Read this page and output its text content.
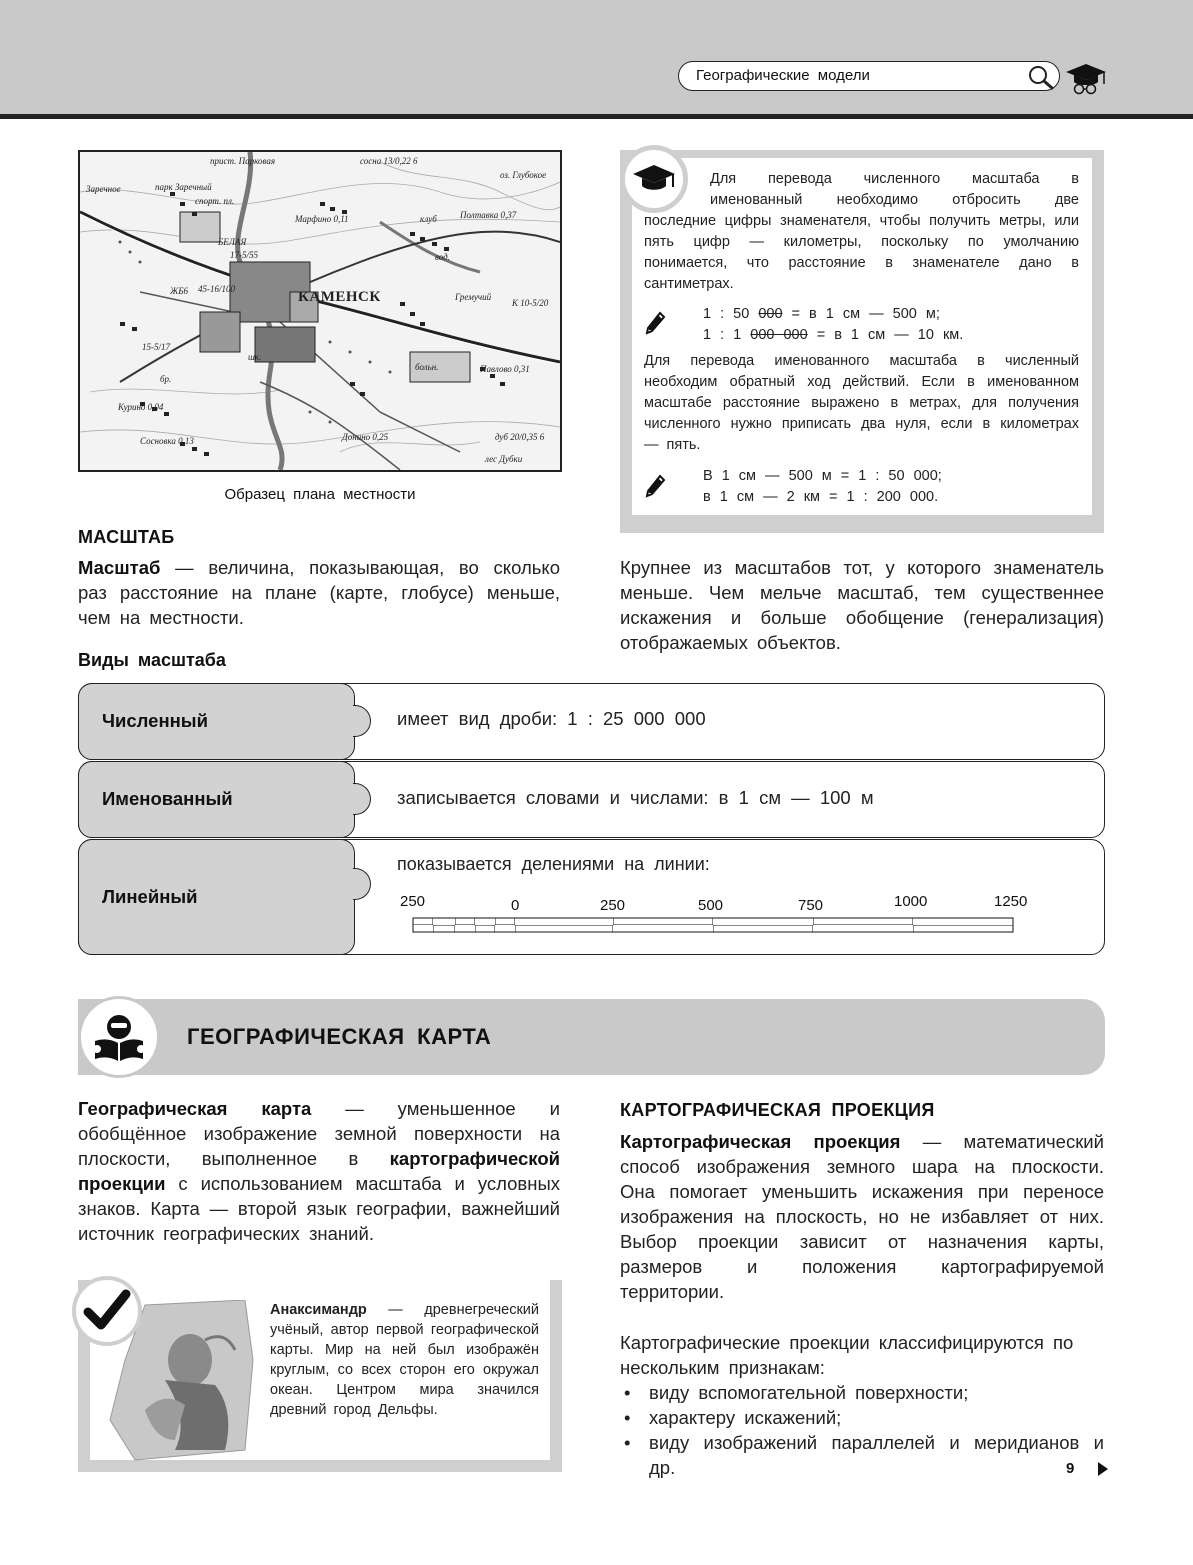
Географические модели
прист. Парковая
Заречное	парк Заречный
спорт. пл.
сосна 13/0,22 6
оз. Глубокое
Марфино 0,11	Полтавка 0,37
клуб
вод.
БЕЛАЯ
ЖБ6 45-16/100
17-5/55
КАМЕНСК	Гремучий
К 10-5/20
15-5/17
бр.
шк.
больн.	Павлово 0,31
Курино 0,04
Донино 0,25	дуб 20/0,35 6
Сосновка 0,13
лес Дубки
Образец плана местности
Для перевода численного масштаба в именованный необходимо отбросить две последние цифры знаменателя, чтобы получить метры, или пять цифр — километры, поскольку по умолчанию понимается, что расстояние в знаменателе дано в сантиметрах.
1 : 50 000 = в 1 см — 500 м;
1 : 1 000 000 = в 1 см — 10 км.
Для перевода именованного масштаба в численный необходим обратный ход действий. Если в именованном масштабе расстояние выражено в метрах, для получения численного нужно приписать два нуля, если в километрах — пять.
В 1 см — 500 м = 1 : 50 000;
в 1 см — 2 км = 1 : 200 000.
МАСШТАБ
Масштаб — величина, показывающая, во сколько раз расстояние на плане (карте, глобусе) меньше, чем на местности.
Крупнее из масштабов тот, у которого знаменатель меньше. Чем мельче масштаб, тем существеннее искажения и больше обобщение (генерализация) отображаемых объектов.
Виды масштаба
Численный
Именованный
Линейный
имеет вид дроби: 1 : 25 000 000
записывается словами и числами: в 1 см — 100 м
показывается делениями на линии:
250	0	250	500	750	1000	1250
ГЕОГРАФИЧЕСКАЯ КАРТА
Географическая карта — уменьшенное и обобщённое изображение земной поверхности на плоскости, выполненное в картографической проекции с использованием масштаба и условных знаков. Карта — второй язык географии, важнейший источник географических знаний.
Анаксимандр — древнегреческий учёный, автор первой географической карты. Мир на ней был изображён круглым, со всех сторон его окружал океан. Центром мира значился древний город Дельфы.
КАРТОГРАФИЧЕСКАЯ ПРОЕКЦИЯ
Картографическая проекция — математический способ изображения земного шара на плоскости. Она помогает уменьшить искажения при переносе изображения на плоскость, но не избавляет от них. Выбор проекции зависит от назначения карты, размеров и положения картографируемой территории.
Картографические проекции классифицируются по нескольким признакам:
• виду вспомогательной поверхности;
• характеру искажений;
• виду изображений параллелей и меридианов и др.	9
